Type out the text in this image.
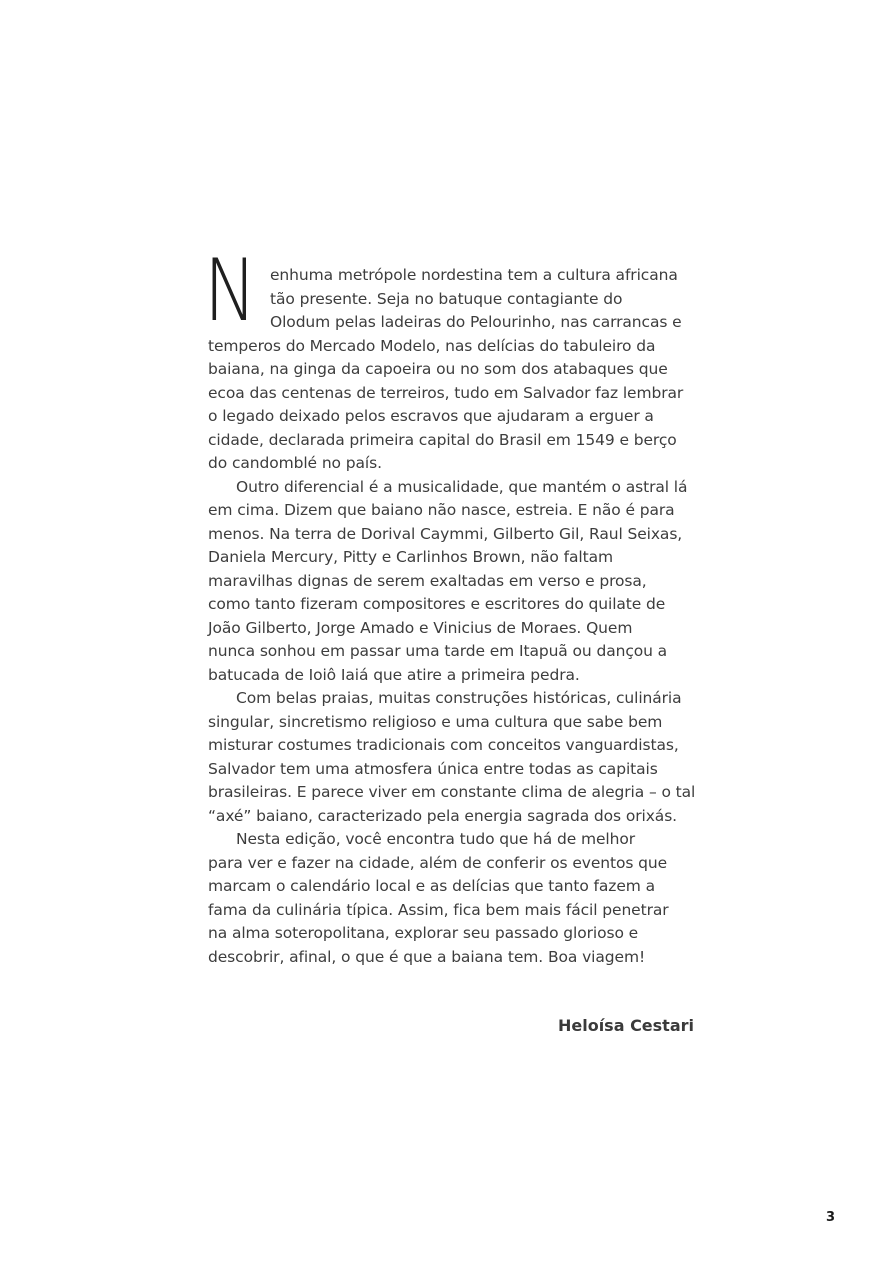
N enhuma metrópole nordestina tem a cultura africana
tão presente. Seja no batuque contagiante do
Olodum pelas ladeiras do Pelourinho, nas carrancas e
temperos do Mercado Modelo, nas delícias do tabuleiro da
baiana, na ginga da capoeira ou no som dos atabaques que
ecoa das centenas de terreiros, tudo em Salvador faz lembrar
o legado deixado pelos escravos que ajudaram a erguer a
cidade, declarada primeira capital do Brasil em 1549 e berço
do candomblé no país.
Outro diferencial é a musicalidade, que mantém o astral lá
em cima. Dizem que baiano não nasce, estreia. E não é para
menos. Na terra de Dorival Caymmi, Gilberto Gil, Raul Seixas,
Daniela Mercury, Pitty e Carlinhos Brown, não faltam
maravilhas dignas de serem exaltadas em verso e prosa,
como tanto fizeram compositores e escritores do quilate de
João Gilberto, Jorge Amado e Vinicius de Moraes. Quem
nunca sonhou em passar uma tarde em Itapuã ou dançou a
batucada de Ioiô Iaiá que atire a primeira pedra.
Com belas praias, muitas construções históricas, culinária
singular, sincretismo religioso e uma cultura que sabe bem
misturar costumes tradicionais com conceitos vanguardistas,
Salvador tem uma atmosfera única entre todas as capitais
brasileiras. E parece viver em constante clima de alegria – o tal
“axé” baiano, caracterizado pela energia sagrada dos orixás.
Nesta edição, você encontra tudo que há de melhor
para ver e fazer na cidade, além de conferir os eventos que
marcam o calendário local e as delícias que tanto fazem a
fama da culinária típica. Assim, fica bem mais fácil penetrar
na alma soteropolitana, explorar seu passado glorioso e
descobrir, afinal, o que é que a baiana tem. Boa viagem!
Heloísa Cestari
3
